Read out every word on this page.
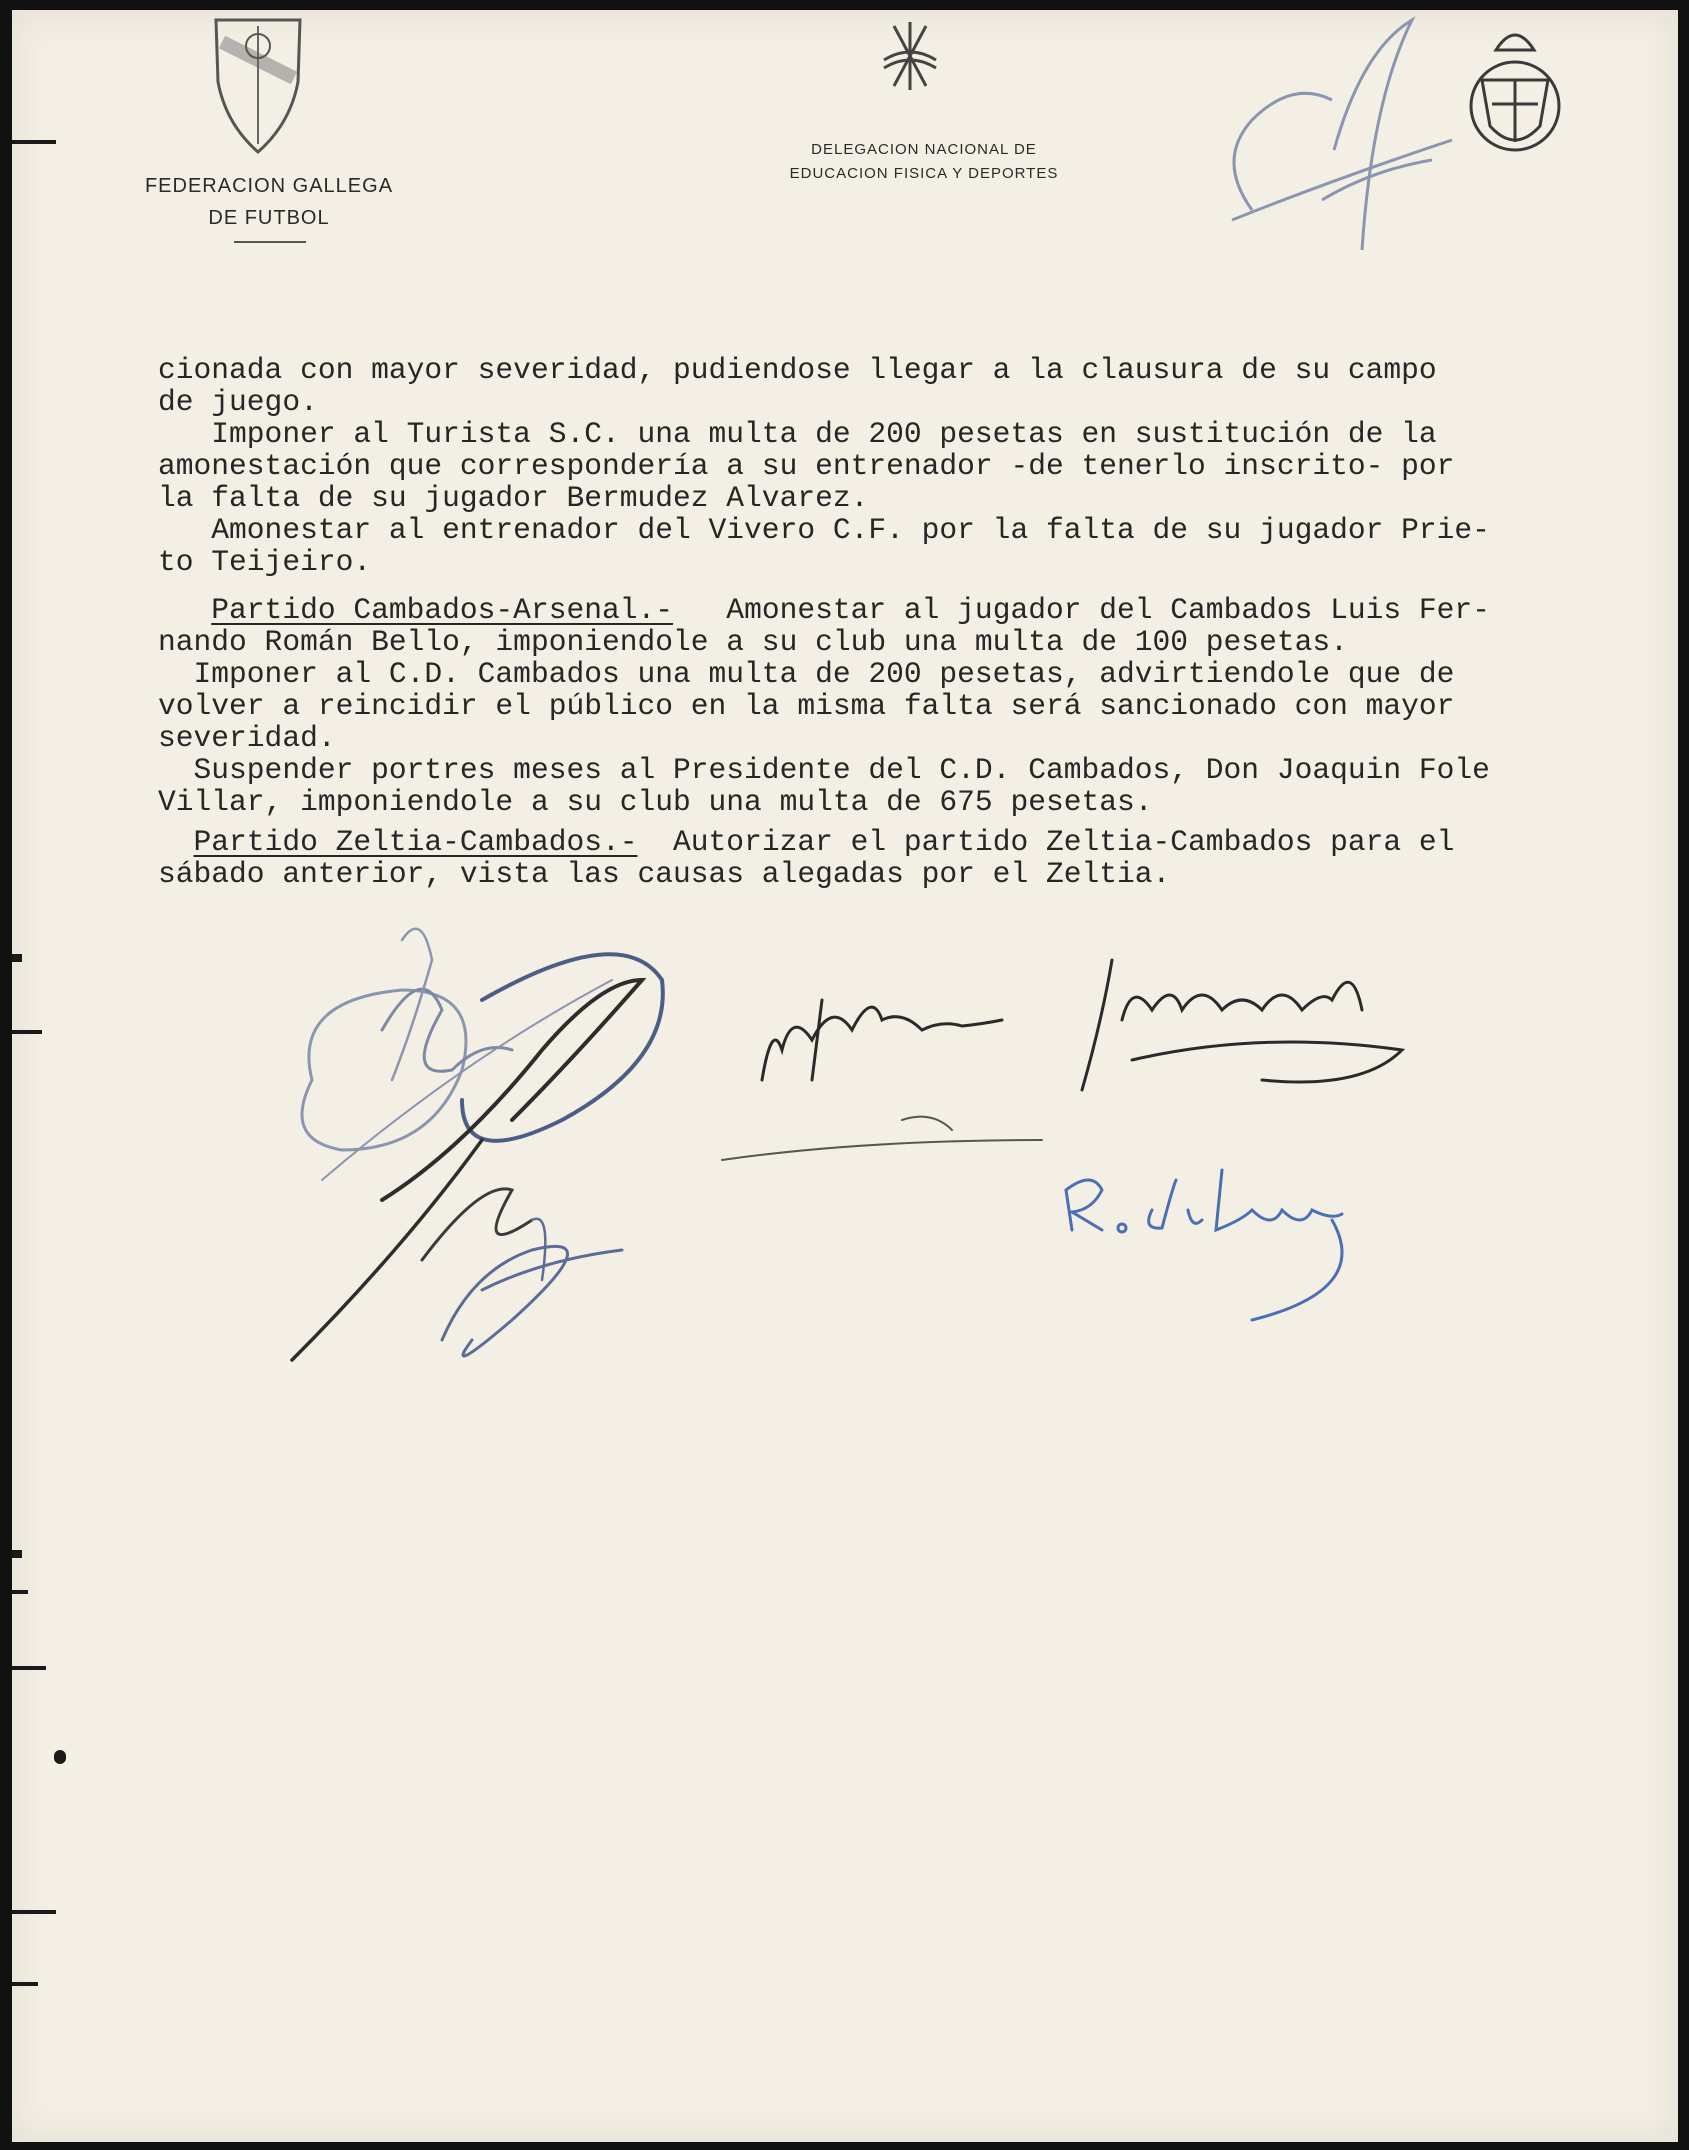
FEDERACION GALLEGA
DE FUTBOL
DELEGACION NACIONAL DE
EDUCACION FISICA Y DEPORTES
cionada con mayor severidad, pudiendose llegar a la clausura de su campo
de juego.
Imponer al Turista S.C. una multa de 200 pesetas en sustitución de la
amonestación que correspondería a su entrenador -de tenerlo inscrito- por
la falta de su jugador Bermudez Alvarez.
Amonestar al entrenador del Vivero C.F. por la falta de su jugador Prie-
to Teijeiro.
Partido Cambados-Arsenal.-   Amonestar al jugador del Cambados Luis Fer-
nando Román Bello, imponiendole a su club una multa de 100 pesetas.
Imponer al C.D. Cambados una multa de 200 pesetas, advirtiendole que de
volver a reincidir el público en la misma falta será sancionado con mayor
severidad.
Suspender portres meses al Presidente del C.D. Cambados, Don Joaquin Fole
Villar, imponiendole a su club una multa de 675 pesetas.
Partido Zeltia-Cambados.-  Autorizar el partido Zeltia-Cambados para el
sábado anterior, vista las causas alegadas por el Zeltia.
